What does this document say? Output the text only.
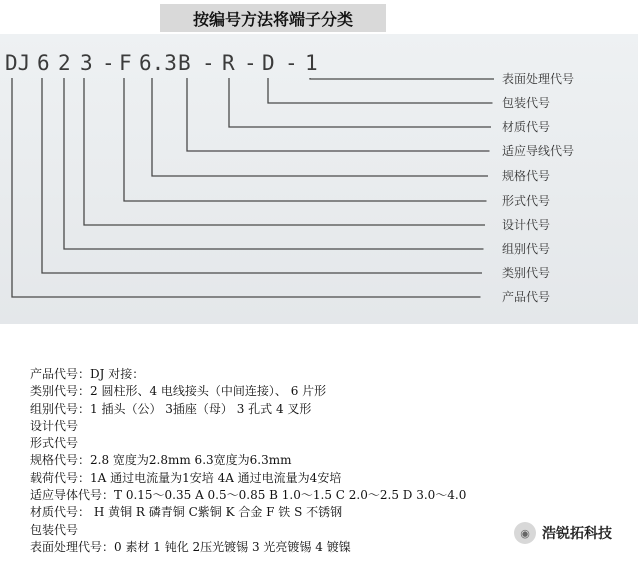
按编号方法将端子分类
DJ 6 2 3 - F 6.3 B - R - D - 1
表面处理代号
包装代号
材质代号
适应导线代号
规格代号
形式代号
设计代号
组别代号
类别代号
产品代号
产品代号：DJ 对接：
类别代号：2 圆柱形、4 电线接头（中间连接）、 6 片形
组别代号：1 插头（公） 3插座（母） 3 孔式 4 叉形
设计代号
形式代号
规格代号：2.8 宽度为2.8mm 6.3宽度为6.3mm
载荷代号：1A 通过电流量为1安培 4A 通过电流量为4安培
适应导体代号：T 0.15～0.35 A 0.5～0.85 B 1.0～1.5 C 2.0～2.5 D 3.0～4.0
材质代号： H 黄铜 R 磷青铜 C紫铜 K 合金 F 铁 S 不锈钢
包装代号
表面处理代号：0 素材 1 钝化 2压光镀锡 3 光亮镀锡 4 镀镍
◉ 浩锐拓科技
